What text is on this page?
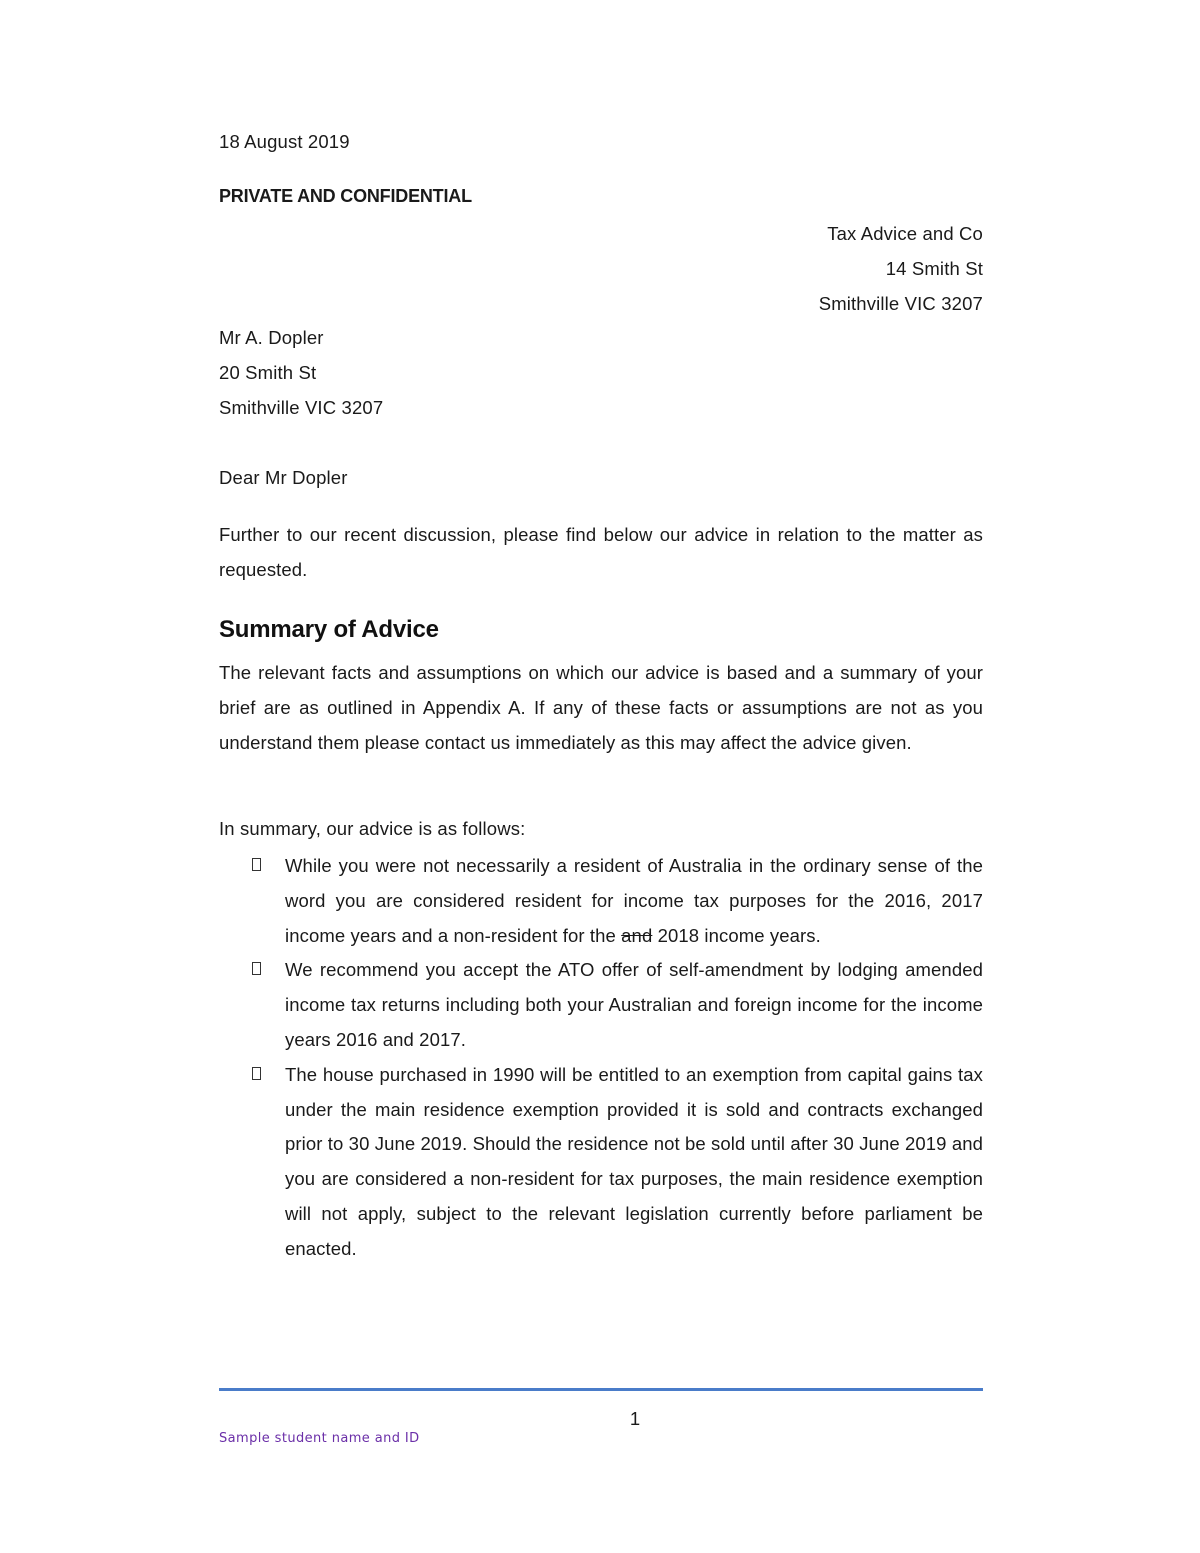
18 August 2019
PRIVATE AND CONFIDENTIAL
Tax Advice and Co
14 Smith St
Smithville VIC 3207
Mr A. Dopler
20 Smith St
Smithville VIC 3207
Dear Mr Dopler

Further to our recent discussion, please find below our advice in relation to the matter as requested.

Summary of Advice

The relevant facts and assumptions on which our advice is based and a summary of your brief are as outlined in Appendix A. If any of these facts or assumptions are not as you understand them please contact us immediately as this may affect the advice given.

In summary, our advice is as follows:
While you were not necessarily a resident of Australia in the ordinary sense of the word you are considered resident for income tax purposes for the 2016, 2017 income years and a non-resident for the and 2018 income years.
We recommend you accept the ATO offer of self-amendment by lodging amended income tax returns including both your Australian and foreign income for the income years 2016 and 2017.
The house purchased in 1990 will be entitled to an exemption from capital gains tax under the main residence exemption provided it is sold and contracts exchanged prior to 30 June 2019. Should the residence not be sold until after 30 June 2019 and you are considered a non-resident for tax purposes, the main residence exemption will not apply, subject to the relevant legislation currently before parliament be enacted.
1
Sample student name and ID
